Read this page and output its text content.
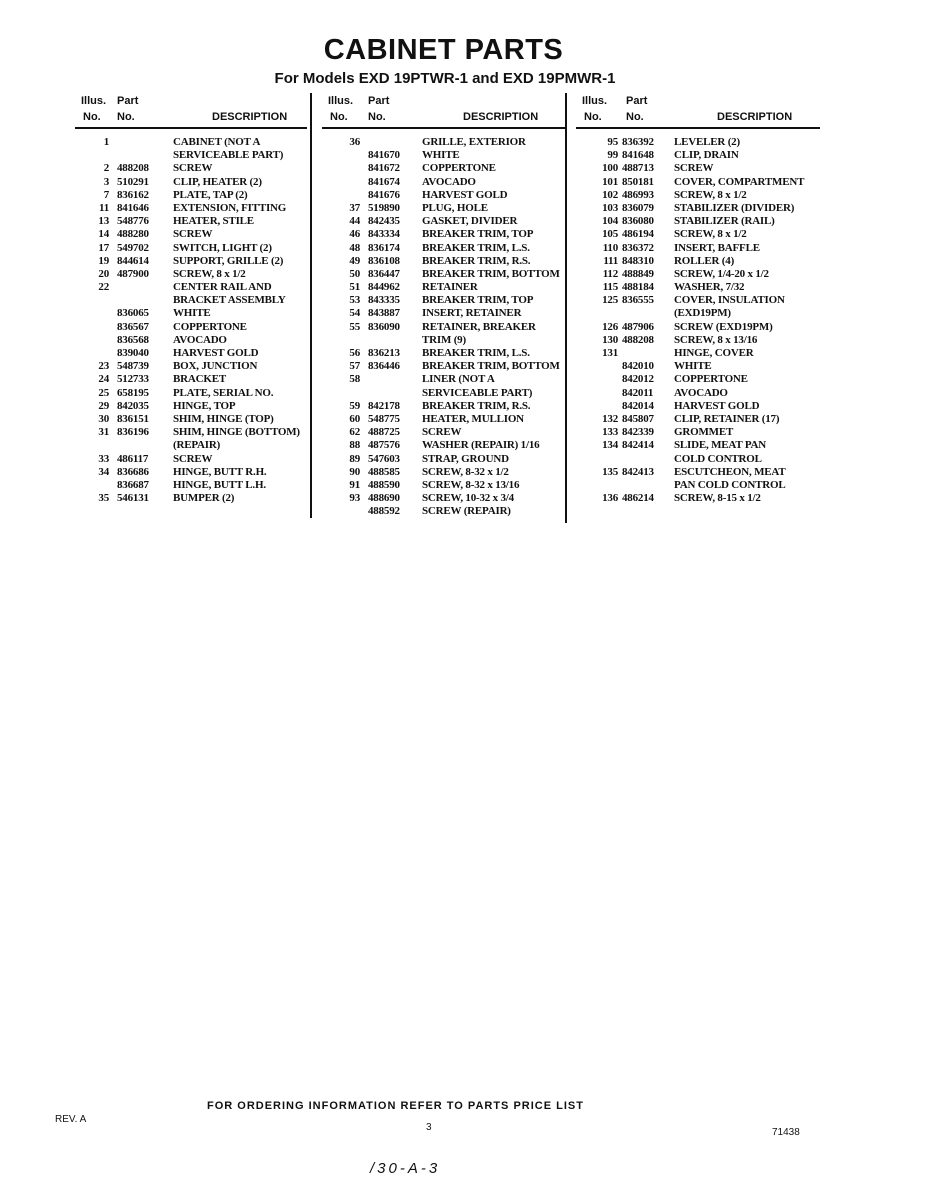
CABINET PARTS
For Models EXD 19PTWR-1 and EXD 19PMWR-1
Illus. Part
No. No.	DESCRIPTION
1	CABINET (NOT A
SERVICEABLE PART)
2 488208	SCREW
3 510291	CLIP, HEATER (2)
7 836162	PLATE, TAP (2)
11 841646	EXTENSION, FITTING
13 548776	HEATER, STILE
14 488280	SCREW
17 549702	SWITCH, LIGHT (2)
19 844614	SUPPORT, GRILLE (2)
20 487900	SCREW, 8 x 1/2
22	CENTER RAIL AND
BRACKET ASSEMBLY
836065	WHITE
836567	COPPERTONE
836568	AVOCADO
839040	HARVEST GOLD
23 548739	BOX, JUNCTION
24 512733	BRACKET
25 658195	PLATE, SERIAL NO.
29 842035	HINGE, TOP
30 836151	SHIM, HINGE (TOP)
31 836196	SHIM, HINGE (BOTTOM)
(REPAIR)
33 486117	SCREW
34 836686	HINGE, BUTT R.H.
836687	HINGE, BUTT L.H.
35 546131	BUMPER (2)
Illus. Part
No. No.	DESCRIPTION
36	GRILLE, EXTERIOR
841670	WHITE
841672	COPPERTONE
841674	AVOCADO
841676	HARVEST GOLD
37 519890	PLUG, HOLE
44 842435	GASKET, DIVIDER
46 843334	BREAKER TRIM, TOP
48 836174	BREAKER TRIM, L.S.
49 836108	BREAKER TRIM, R.S.
50 836447	BREAKER TRIM, BOTTOM
51 844962	RETAINER
53 843335	BREAKER TRIM, TOP
54 843887	INSERT, RETAINER
55 836090	RETAINER, BREAKER
TRIM (9)
56 836213	BREAKER TRIM, L.S.
57 836446	BREAKER TRIM, BOTTOM
58	LINER (NOT A
SERVICEABLE PART)
59 842178	BREAKER TRIM, R.S.
60 548775	HEATER, MULLION
62 488725	SCREW
88 487576	WASHER (REPAIR) 1/16
89 547603	STRAP, GROUND
90 488585	SCREW, 8-32 x 1/2
91 488590	SCREW, 8-32 x 13/16
93 488690	SCREW, 10-32 x 3/4
488592	SCREW (REPAIR)
Illus. Part
No. No.	DESCRIPTION
95 836392	LEVELER (2)
99 841648	CLIP, DRAIN
100 488713	SCREW
101 850181	COVER, COMPARTMENT
102 486993	SCREW, 8 x 1/2
103 836079	STABILIZER (DIVIDER)
104 836080	STABILIZER (RAIL)
105 486194	SCREW, 8 x 1/2
110 836372	INSERT, BAFFLE
111 848310	ROLLER (4)
112 488849	SCREW, 1/4-20 x 1/2
115 488184	WASHER, 7/32
125 836555	COVER, INSULATION
(EXD19PM)
126 487906	SCREW (EXD19PM)
130 488208	SCREW, 8 x 13/16
131	HINGE, COVER
842010	WHITE
842012	COPPERTONE
842011	AVOCADO
842014	HARVEST GOLD
132 845807	CLIP, RETAINER (17)
133 842339	GROMMET
134 842414	SLIDE, MEAT PAN
COLD CONTROL
135 842413	ESCUTCHEON, MEAT
PAN COLD CONTROL
136 486214	SCREW, 8-15 x 1/2
FOR ORDERING INFORMATION REFER TO PARTS PRICE LIST
REV. A
3	71438
/30-A-3
